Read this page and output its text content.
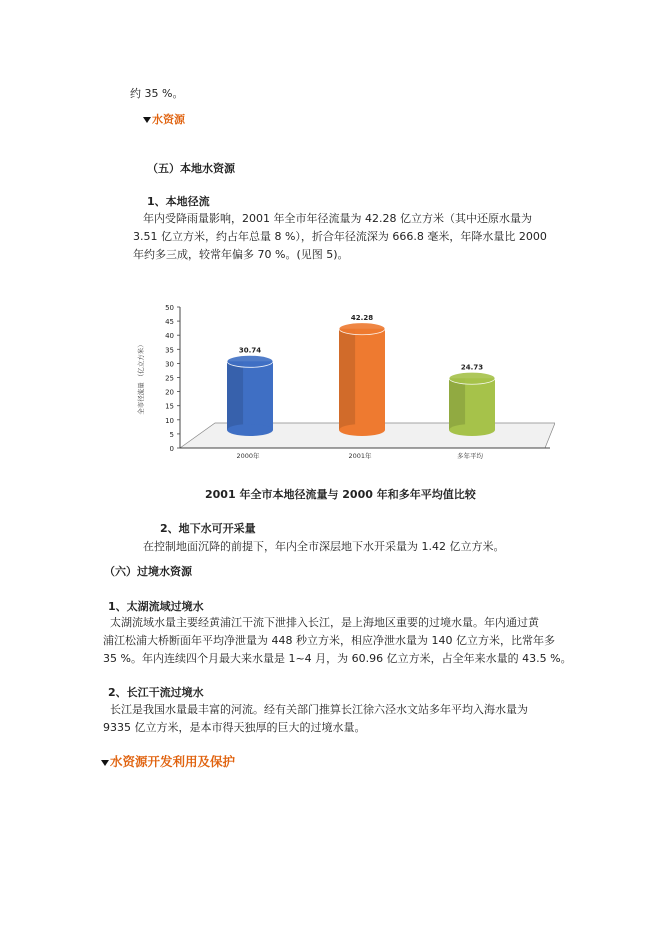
约 35 %。
水资源
（五）本地水资源
1、本地径流
年内受降雨量影响，2001 年全市年径流量为 42.28 亿立方米（其中还原水量为
3.51 亿立方米，约占年总量 8 %），折合年径流深为 666.8 毫米，年降水量比 2000
年约多三成，较常年偏多 70 %。(见图 5)。
0
5
10
15
20
25
30
35
40
45
50
全市径流量 （亿立方米）	30.74
2000年
42.28
2001年
24.73
多年平均
2001 年全市本地径流量与 2000 年和多年平均值比较
2、地下水可开采量
在控制地面沉降的前提下，年内全市深层地下水开采量为 1.42 亿立方米。
（六）过境水资源
1、太湖流域过境水
太湖流域水量主要经黄浦江干流下泄排入长江，是上海地区重要的过境水量。年内通过黄
浦江松浦大桥断面年平均净泄量为 448 秒立方米，相应净泄水量为 140 亿立方米，比常年多
35 %。年内连续四个月最大来水量是 1~4 月，为 60.96 亿立方米，占全年来水量的 43.5 %。
2、长江干流过境水
长江是我国水量最丰富的河流。经有关部门推算长江徐六泾水文站多年平均入海水量为
9335 亿立方米，是本市得天独厚的巨大的过境水量。
水资源开发利用及保护
